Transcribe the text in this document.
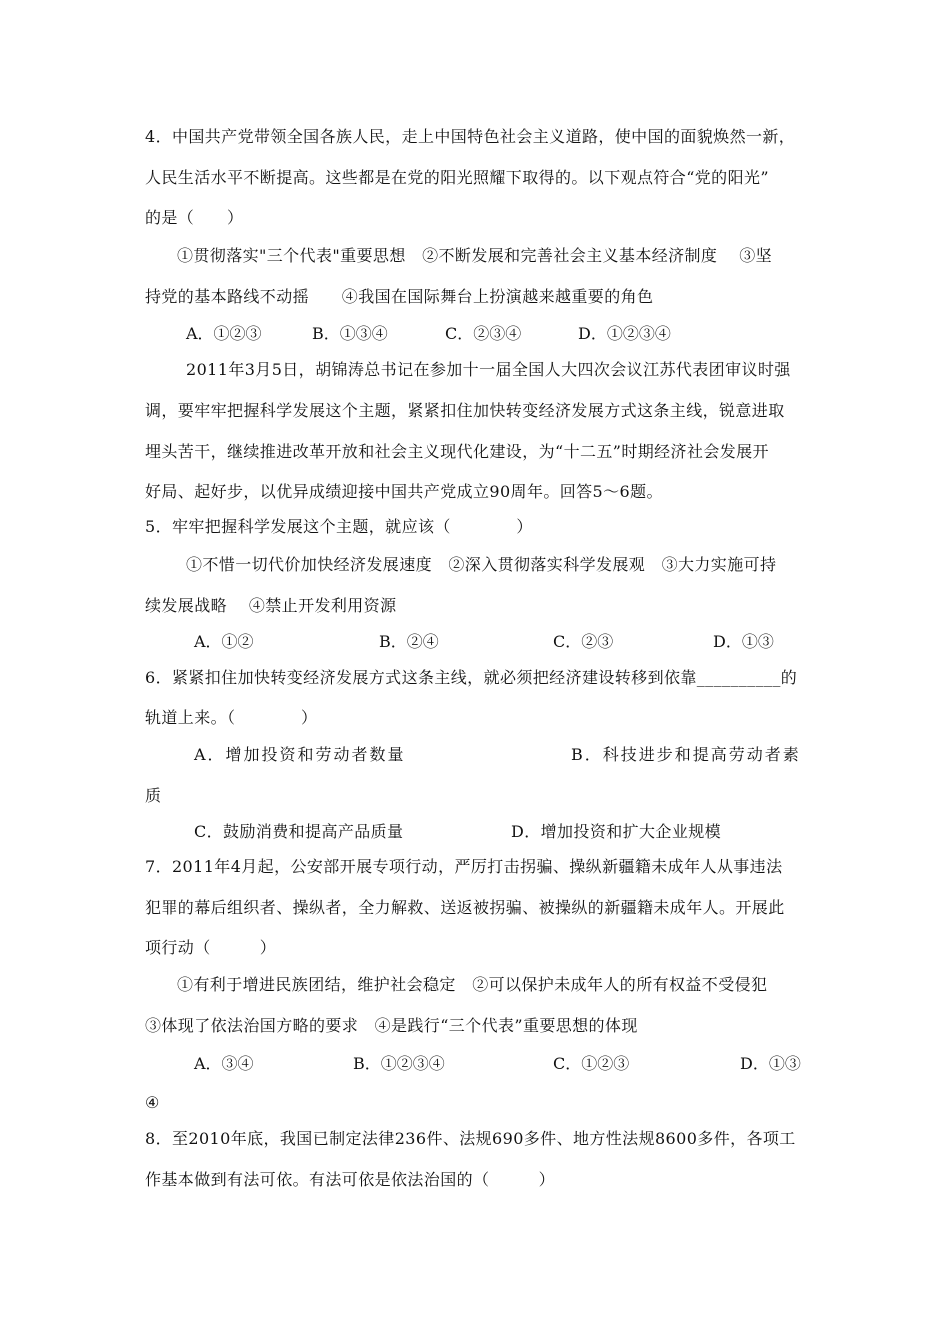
4．中国共产党带领全国各族人民，走上中国特色社会主义道路，使中国的面貌焕然一新，
人民生活水平不断提高。这些都是在党的阳光照耀下取得的。以下观点符合“党的阳光”
的是（　　）
①贯彻落实"三个代表"重要思想　②不断发展和完善社会主义基本经济制度　 ③坚
持党的基本路线不动摇　　④我国在国际舞台上扮演越来越重要的角色
A．①②③	B．①③④	C．②③④	D．①②③④
2011年3月5日，胡锦涛总书记在参加十一届全国人大四次会议江苏代表团审议时强
调，要牢牢把握科学发展这个主题，紧紧扣住加快转变经济发展方式这条主线，锐意进取
埋头苦干，继续推进改革开放和社会主义现代化建设，为“十二五”时期经济社会发展开
好局、起好步，以优异成绩迎接中国共产党成立90周年。回答5～6题。
5．牢牢把握科学发展这个主题，就应该（　　　　）
①不惜一切代价加快经济发展速度　②深入贯彻落实科学发展观　③大力实施可持
续发展战略　 ④禁止开发利用资源
A．①②	B．②④	C．②③	D．①③
6．紧紧扣住加快转变经济发展方式这条主线，就必须把经济建设转移到依靠__________的
轨道上来。（　　　　）
A．增加投资和劳动者数量	B．科技进步和提高劳动者素
质
C．鼓励消费和提高产品质量	D．增加投资和扩大企业规模
7．2011年4月起，公安部开展专项行动，严厉打击拐骗、操纵新疆籍未成年人从事违法
犯罪的幕后组织者、操纵者，全力解救、送返被拐骗、被操纵的新疆籍未成年人。开展此
项行动（　　　）
①有利于增进民族团结，维护社会稳定　②可以保护未成年人的所有权益不受侵犯
③体现了依法治国方略的要求　④是践行“三个代表”重要思想的体现
A．③④	B．①②③④	C．①②③	D．①③
④
8．至2010年底，我国已制定法律236件、法规690多件、地方性法规8600多件，各项工
作基本做到有法可依。有法可依是依法治国的（　　　）
